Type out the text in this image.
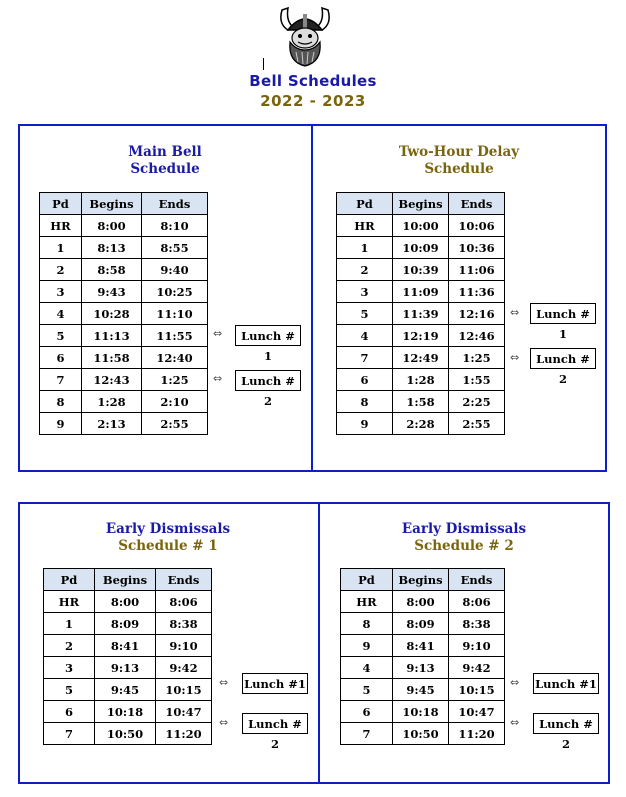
Bell Schedules
2022 - 2023
Main Bell
Schedule
Pd	Begins	Ends
HR	8:00	8:10
1	8:13	8:55
2	8:58	9:40
3	9:43	10:25
4	10:28	11:10
5	11:13	11:55
6	11:58	12:40
7	12:43	1:25
8	1:28	2:10
9	2:13	2:55
⇔	Lunch # 1
⇔	Lunch # 2
Two-Hour Delay
Schedule
Pd	Begins	Ends
HR	10:00	10:06
1	10:09	10:36
2	10:39	11:06
3	11:09	11:36
5	11:39	12:16
4	12:19	12:46
7	12:49	1:25
6	1:28	1:55
8	1:58	2:25
9	2:28	2:55
⇔	Lunch # 1
⇔	Lunch # 2
Early Dismissals
Schedule # 1
Pd	Begins	Ends
HR	8:00	8:06
1	8:09	8:38
2	8:41	9:10
3	9:13	9:42
5	9:45	10:15
6	10:18	10:47
7	10:50	11:20
⇔ Lunch #1
⇔	Lunch # 2
Early Dismissals
Schedule # 2
Pd	Begins	Ends
HR	8:00	8:06
8	8:09	8:38
9	8:41	9:10
4	9:13	9:42
5	9:45	10:15
6	10:18	10:47
7	10:50	11:20
⇔ Lunch #1
⇔	Lunch # 2
